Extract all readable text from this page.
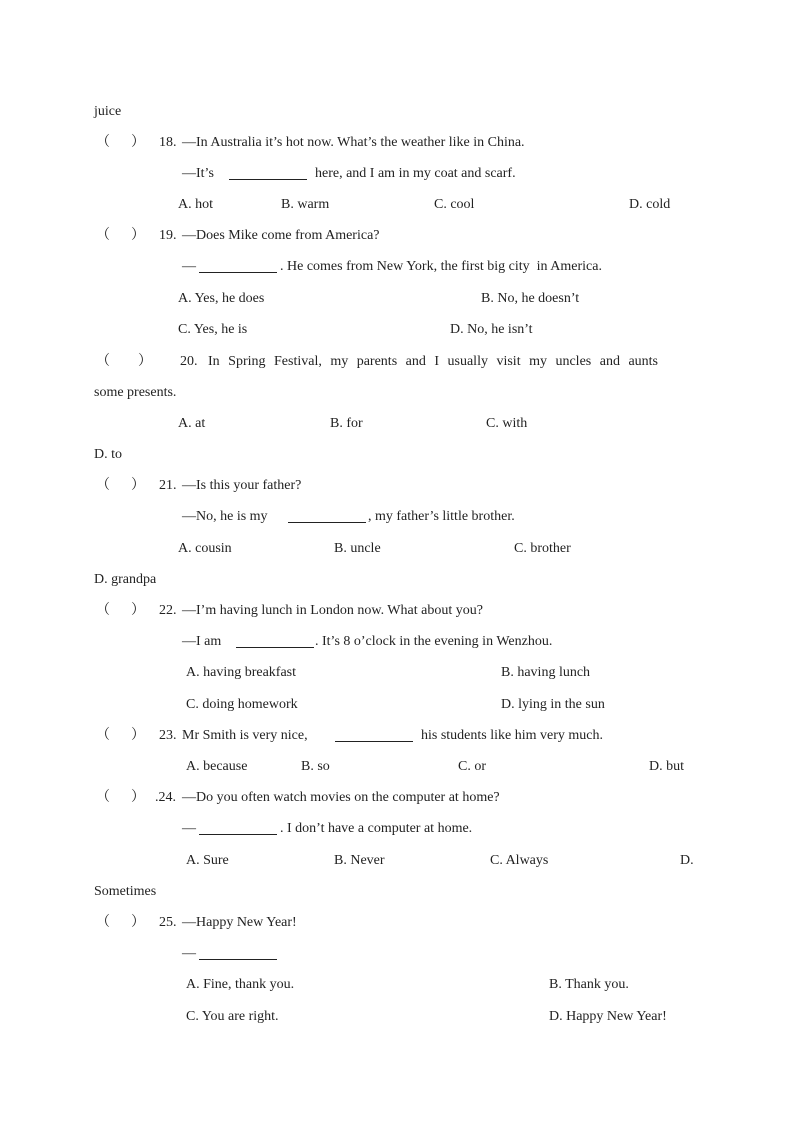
juice
（      ） 18. —In Australia it’s hot now. What’s the weather like in China.
—It’s	here, and I am in my coat and scarf.
A. hot	B. warm	C. cool	D. cold
（      ） 19. —Does Mike come from America?
—	. He comes from New York, the first big city  in America.
A. Yes, he does	B. No, he doesn’t
C. Yes, he is	D. No, he isn’t
（        ） 20. In Spring Festival, my parents and I usually visit my uncles and aunts
some presents.
A. at	B. for	C. with
D. to
（      ） 21. —Is this your father?
—No, he is my	, my father’s little brother.
A. cousin	B. uncle	C. brother
D. grandpa
（      ） 22. —I’m having lunch in London now. What about you?
—I am	. It’s 8 o’clock in the evening in Wenzhou.
A. having breakfast	B. having lunch
C. doing homework	D. lying in the sun
（      ） 23. Mr Smith is very nice,	his students like him very much.
A. because	B. so	C. or	D. but
（      ） .24. —Do you often watch movies on the computer at home?
—	. I don’t have a computer at home.
A. Sure	B. Never	C. Always	D.
Sometimes
（      ） 25. —Happy New Year!
—
A. Fine, thank you.	B. Thank you.
C. You are right.	D. Happy New Year!
